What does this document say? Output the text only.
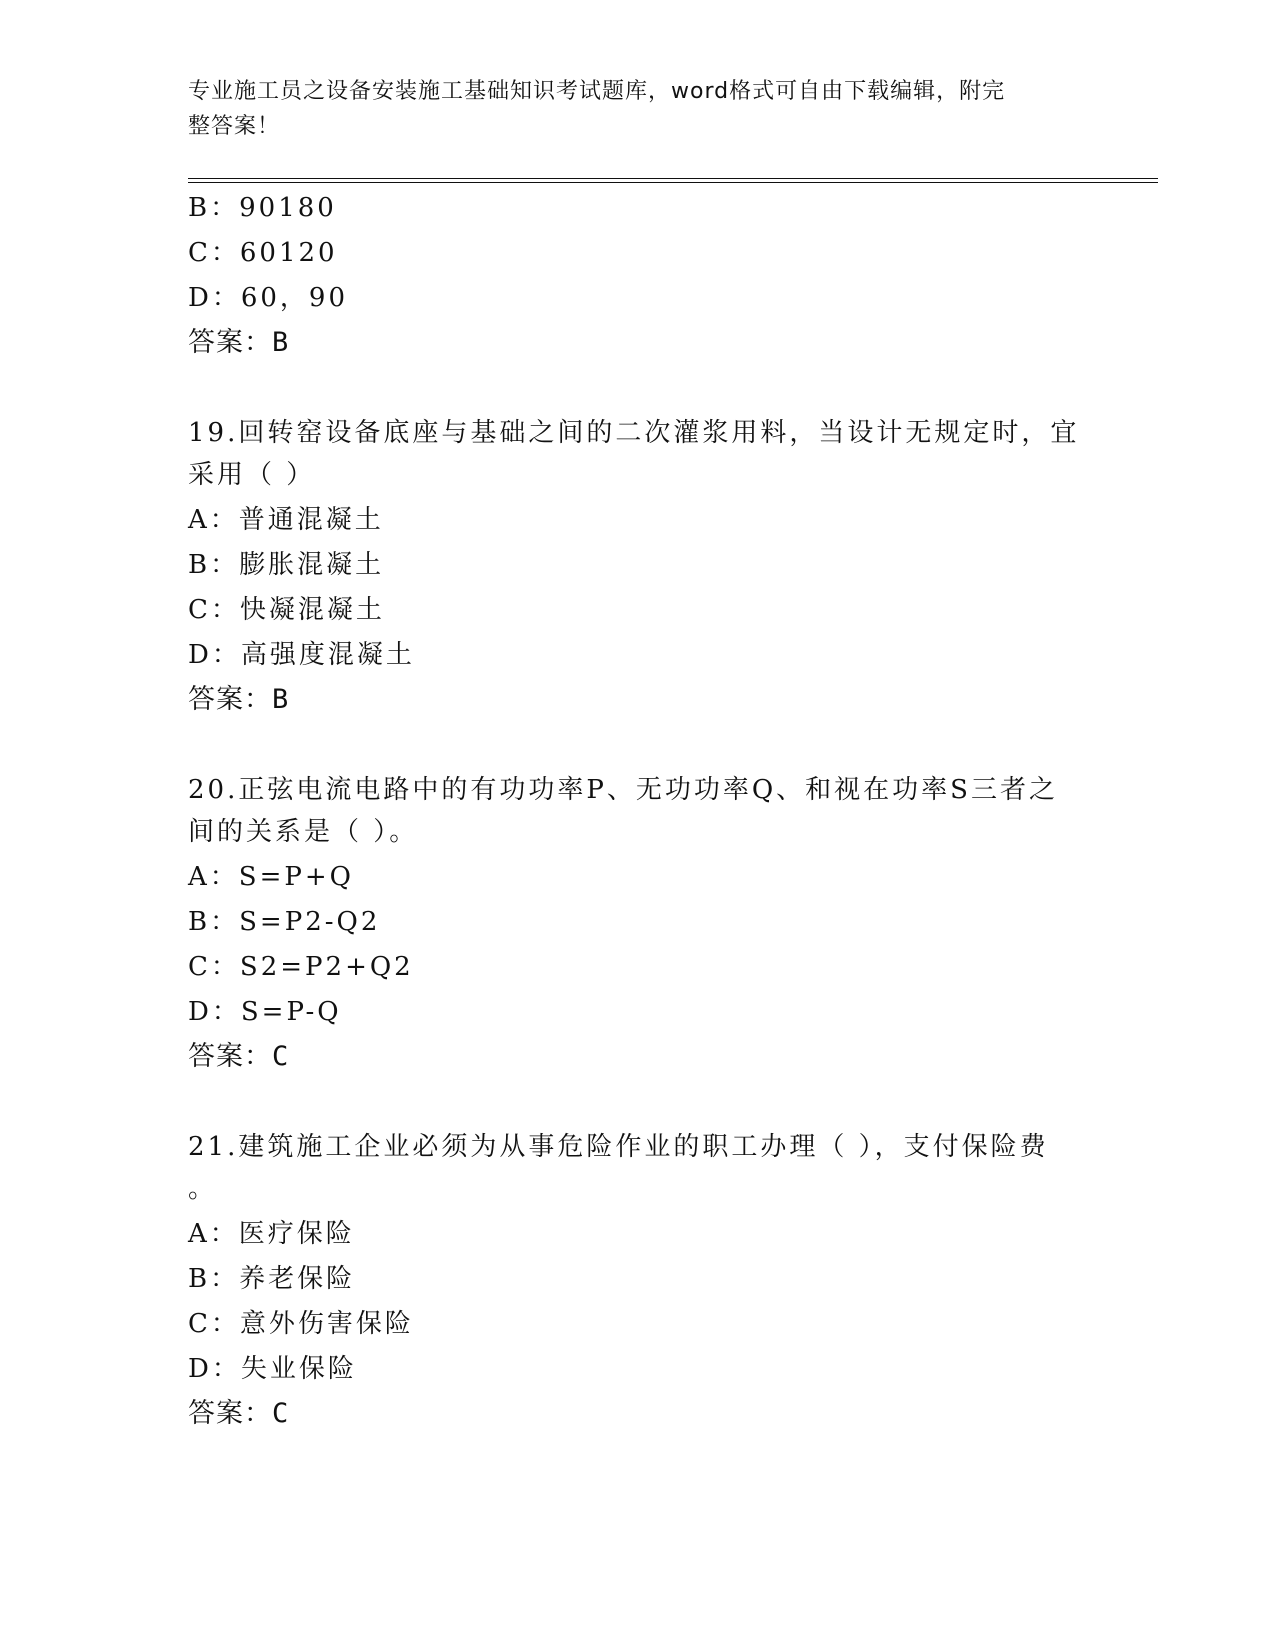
专业施工员之设备安装施工基础知识考试题库，word格式可自由下载编辑，附完
整答案！
B：90180
C：60120
D：60，90
答案：B
19.回转窑设备底座与基础之间的二次灌浆用料，当设计无规定时，宜
采用（ ）
A：普通混凝土
B：膨胀混凝土
C：快凝混凝土
D：高强度混凝土
答案：B
20.正弦电流电路中的有功功率P、无功功率Q、和视在功率S三者之
间的关系是（ ）。
A：S=P+Q
B：S=P2-Q2
C：S2=P2+Q2
D：S=P-Q
答案：C
21.建筑施工企业必须为从事危险作业的职工办理（ ），支付保险费
。
A：医疗保险
B：养老保险
C：意外伤害保险
D：失业保险
答案：C
